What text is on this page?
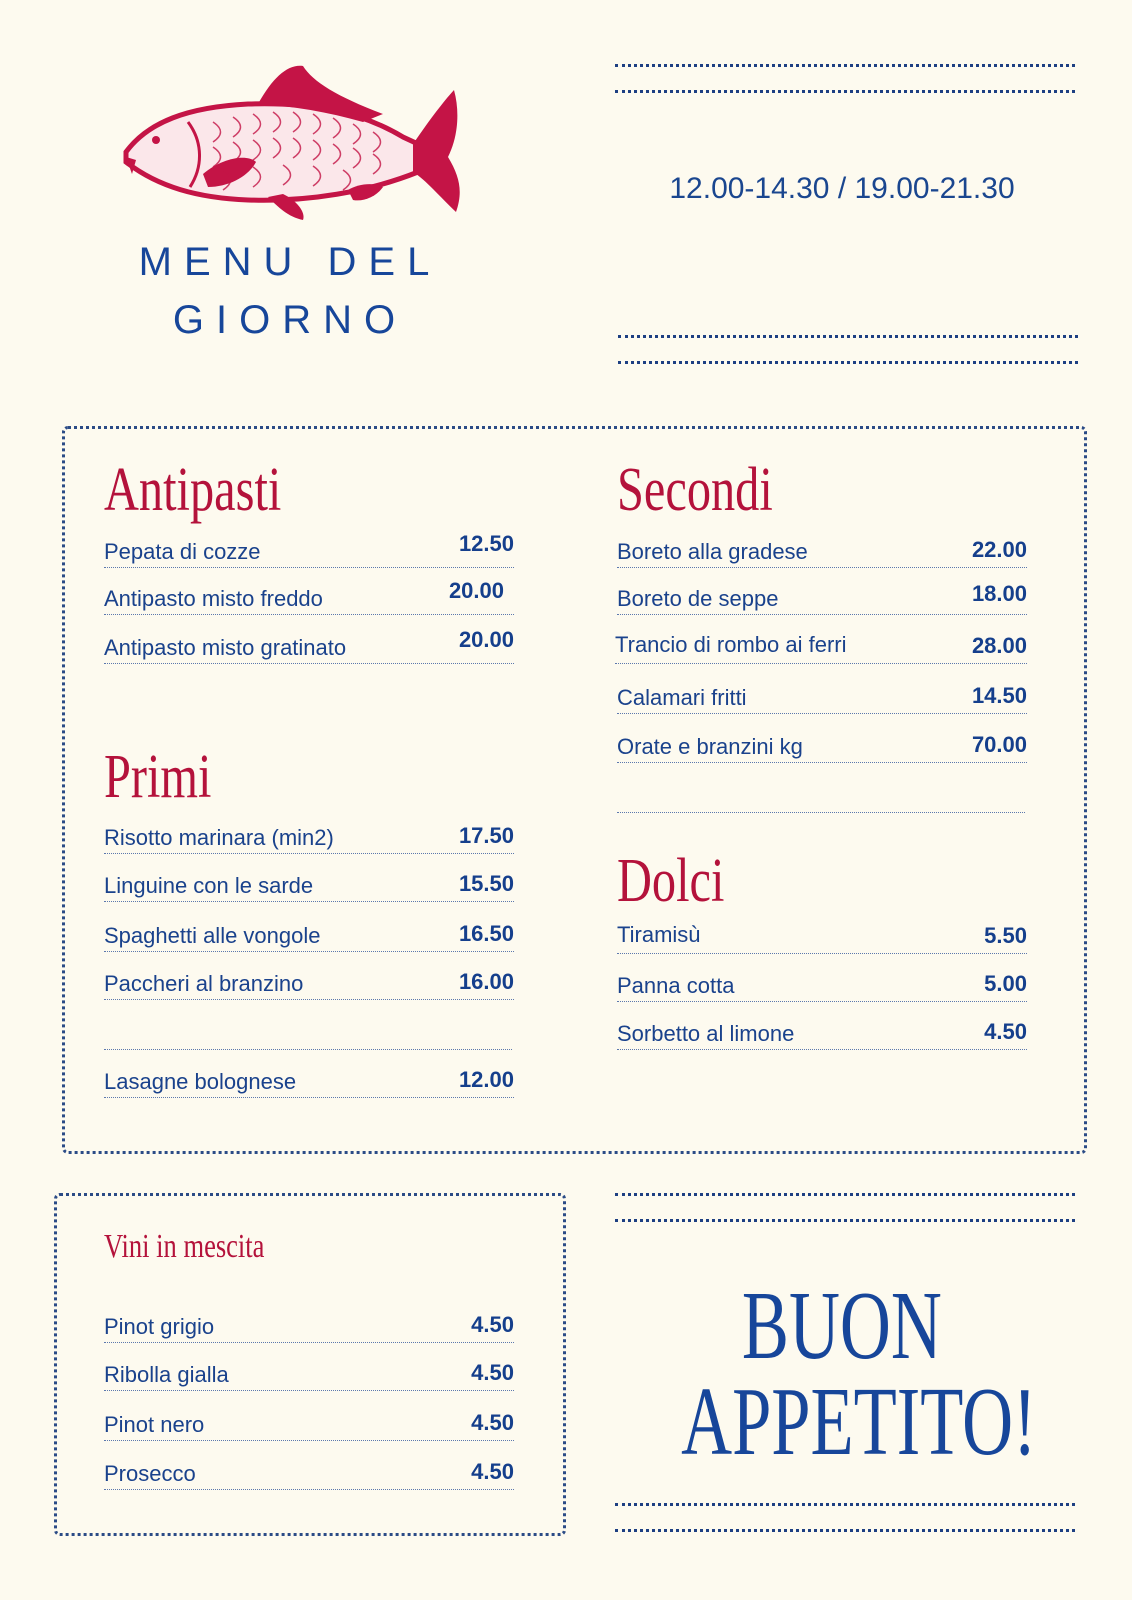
MENU DEL
GIORNO
12.00-14.30 / 19.00-21.30
Antipasti
Pepata di cozze	12.50
Antipasto misto freddo	20.00
Antipasto misto gratinato	20.00
Primi
Risotto marinara (min2)	17.50
Linguine con le sarde	15.50
Spaghetti alle vongole	16.50
Paccheri al branzino	16.00
Lasagne bolognese	12.00
Secondi
Boreto alla gradese	22.00
Boreto de seppe	18.00
Trancio di rombo ai ferri	28.00
Calamari fritti	14.50
Orate e branzini kg	70.00
Dolci
Tiramisù	5.50
Panna cotta	5.00
Sorbetto al limone	4.50
Vini in mescita
Pinot grigio	4.50
Ribolla gialla	4.50
Pinot nero	4.50
Prosecco	4.50
BUON
APPETITO!
